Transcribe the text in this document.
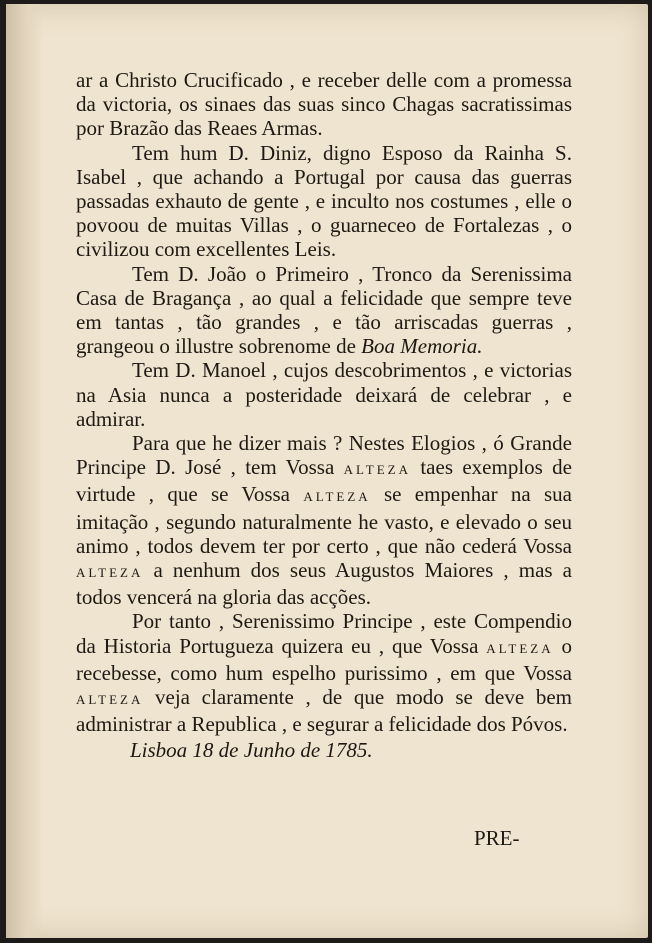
ar a Christo Crucificado , e receber delle com a promessa da victoria, os sinaes das suas sinco Chagas sacratissimas por Brazão das Reaes Armas.

Tem hum D. Diniz, digno Esposo da Rainha S. Isabel , que achando a Portugal por causa das guerras passadas exhauto de gente , e inculto nos costumes , elle o povoou de muitas Villas , o guarneceo de Fortalezas , o civilizou com excellentes Leis.

Tem D. João o Primeiro , Tronco da Serenissima Casa de Bragança , ao qual a felicidade que sempre teve em tantas , tão grandes , e tão arriscadas guerras , grangeou o illustre sobrenome de Boa Memoria.

Tem D. Manoel , cujos descobrimentos , e victorias na Asia nunca a posteridade deixará de celebrar , e admirar.

Para que he dizer mais ? Nestes Elogios , ó Grande Principe D. José , tem Vossa ALTEZA taes exemplos de virtude , que se Vossa ALTEZA se empenhar na sua imitação , segundo naturalmente he vasto, e elevado o seu animo , todos devem ter por certo , que não cederá Vossa ALTEZA a nenhum dos seus Augustos Maiores , mas a todos vencerá na gloria das acções.

Por tanto , Serenissimo Principe , este Compendio da Historia Portugueza quizera eu , que Vossa ALTEZA o recebesse, como hum espelho purissimo , em que Vossa ALTEZA veja claramente , de que modo se deve bem administrar a Republica , e segurar a felicidade dos Póvos.

Lisboa 18 de Junho de 1785.
PRE-
